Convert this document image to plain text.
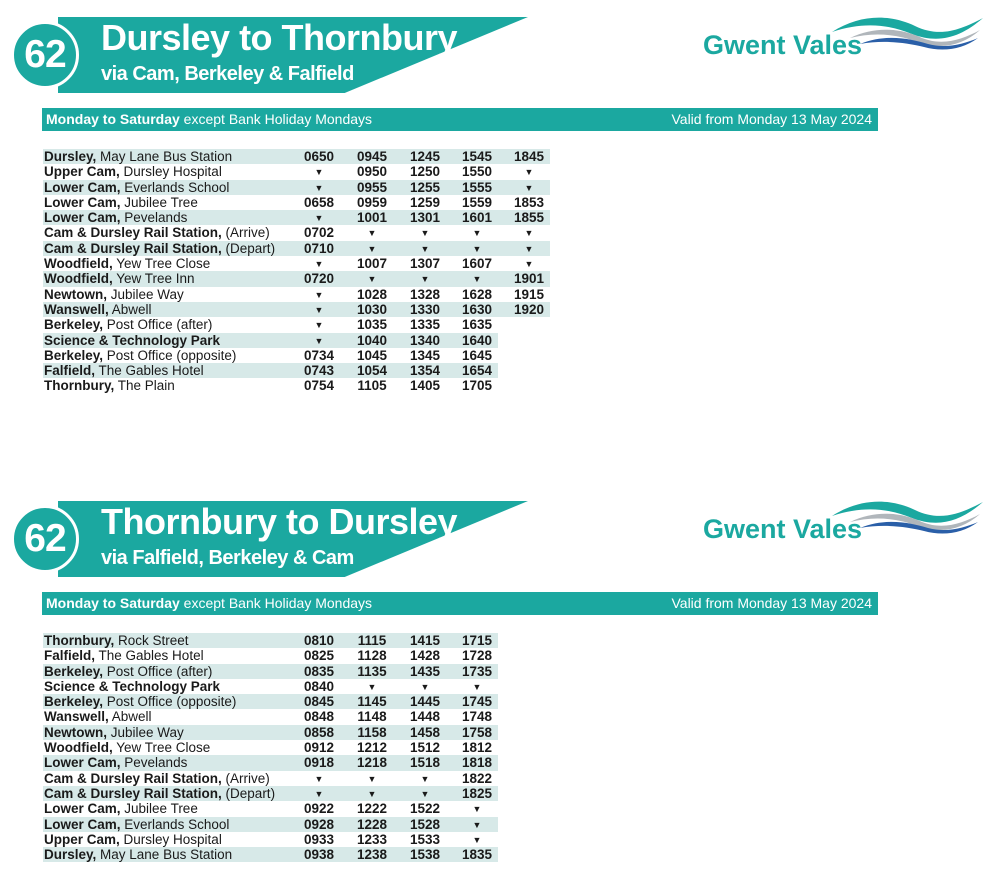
62 Dursley to Thornbury
via Cam, Berkeley & Falfield
Gwent Vales
Monday to Saturday except Bank Holiday Mondays	Valid from Monday 13 May 2024
Dursley, May Lane Bus Station	0650	0945	1245	1545	1845
Upper Cam, Dursley Hospital	▼	0950	1250	1550	▼
Lower Cam, Everlands School	▼	0955	1255	1555	▼
Lower Cam, Jubilee Tree	0658	0959	1259	1559	1853
Lower Cam, Pevelands	▼	1001	1301	1601	1855
Cam & Dursley Rail Station, (Arrive)	0702	▼	▼	▼	▼
Cam & Dursley Rail Station, (Depart)	0710	▼	▼	▼	▼
Woodfield, Yew Tree Close	▼	1007	1307	1607	▼
Woodfield, Yew Tree Inn	0720	▼	▼	▼	1901
Newtown, Jubilee Way	▼	1028	1328	1628	1915
Wanswell, Abwell	▼	1030	1330	1630	1920
Berkeley, Post Office (after)	▼	1035	1335	1635
Science & Technology Park	▼	1040	1340	1640
Berkeley, Post Office (opposite)	0734	1045	1345	1645
Falfield, The Gables Hotel	0743	1054	1354	1654
Thornbury, The Plain	0754	1105	1405	1705
62 Thornbury to Dursley
via Falfield, Berkeley & Cam
Gwent Vales
Monday to Saturday except Bank Holiday Mondays	Valid from Monday 13 May 2024
Thornbury, Rock Street	0810	1115	1415	1715
Falfield, The Gables Hotel	0825	1128	1428	1728
Berkeley, Post Office (after)	0835	1135	1435	1735
Science & Technology Park	0840	▼	▼	▼
Berkeley, Post Office (opposite)	0845	1145	1445	1745
Wanswell, Abwell	0848	1148	1448	1748
Newtown, Jubilee Way	0858	1158	1458	1758
Woodfield, Yew Tree Close	0912	1212	1512	1812
Lower Cam, Pevelands	0918	1218	1518	1818
Cam & Dursley Rail Station, (Arrive)	▼	▼	▼	1822
Cam & Dursley Rail Station, (Depart)	▼	▼	▼	1825
Lower Cam, Jubilee Tree	0922	1222	1522	▼
Lower Cam, Everlands School	0928	1228	1528	▼
Upper Cam, Dursley Hospital	0933	1233	1533	▼
Dursley, May Lane Bus Station	0938	1238	1538	1835
